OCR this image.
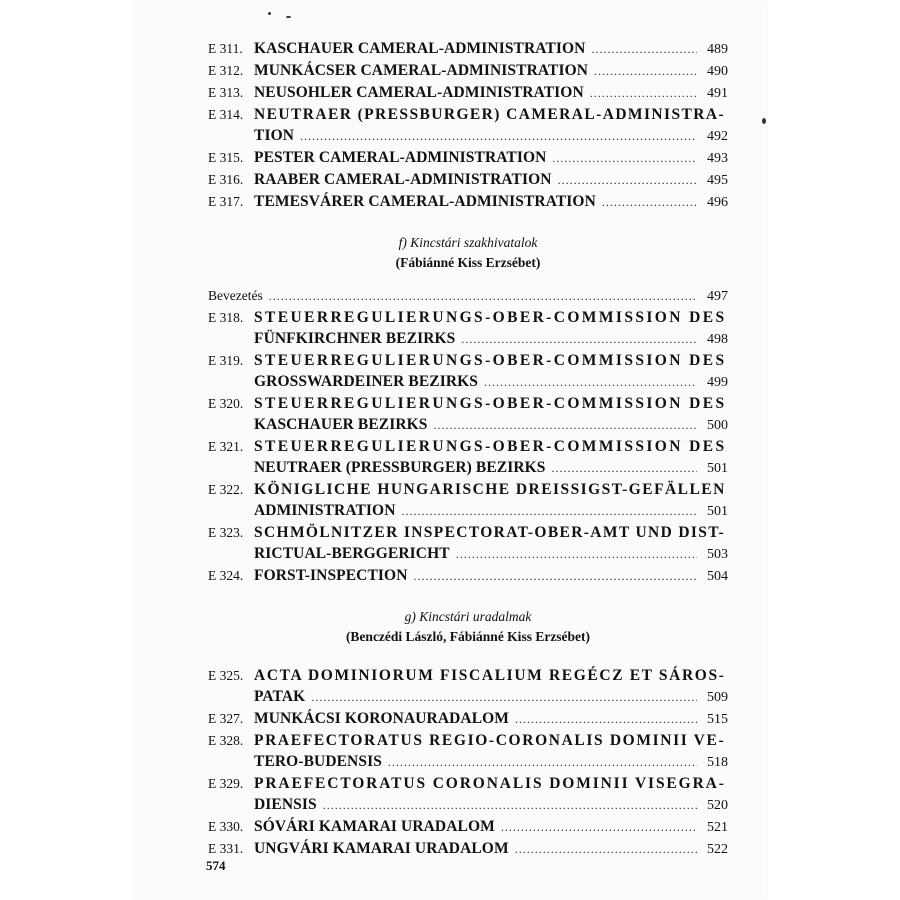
E 311. KASCHAUER CAMERAL-ADMINISTRATION .....	489
E 312. MUNKÁCSER CAMERAL-ADMINISTRATION .....	490
E 313. NEUSOHLER CAMERAL-ADMINISTRATION .....	491
E 314. NEUTRAER (PRESSBURGER) CAMERAL-ADMINISTRA-
TION .....	492
E 315. PESTER CAMERAL-ADMINISTRATION .....	493
E 316. RAABER CAMERAL-ADMINISTRATION .....	495
E 317. TEMESVÁRER CAMERAL-ADMINISTRATION .....	496
f) Kincstári szakhivatalok
(Fábiánné Kiss Erzsébet)
Bevezetés .....	497
E 318. STEUERREGULIERUNGS-OBER-COMMISSION DES
FÜNFKIRCHNER BEZIRKS .....	498
E 319. STEUERREGULIERUNGS-OBER-COMMISSION DES
GROSSWARDEINER BEZIRKS .....	499
E 320. STEUERREGULIERUNGS-OBER-COMMISSION DES
KASCHAUER BEZIRKS .....	500
E 321. STEUERREGULIERUNGS-OBER-COMMISSION DES
NEUTRAER (PRESSBURGER) BEZIRKS .....	501
E 322. KÖNIGLICHE HUNGARISCHE DREISSIGST-GEFÄLLEN
ADMINISTRATION .....	501
E 323. SCHMÖLNITZER INSPECTORAT-OBER-AMT UND DIST-
RICTUAL-BERGGERICHT .....	503
E 324. FORST-INSPECTION .....	504
g) Kincstári uradalmak
(Benczédi László, Fábiánné Kiss Erzsébet)
E 325. ACTA DOMINIORUM FISCALIUM REGÉCZ ET SÁROS-
PATAK .....	509
E 327. MUNKÁCSI KORONAURADALOM .....	515
E 328. PRAEFECTORATUS REGIO-CORONALIS DOMINII VE-
TERO-BUDENSIS .....	518
E 329. PRAEFECTORATUS CORONALIS DOMINII VISEGRA-
DIENSIS .....	520
E 330. SÓVÁRI KAMARAI URADALOM .....	521
E 331. UNGVÁRI KAMARAI URADALOM .....	522
574
